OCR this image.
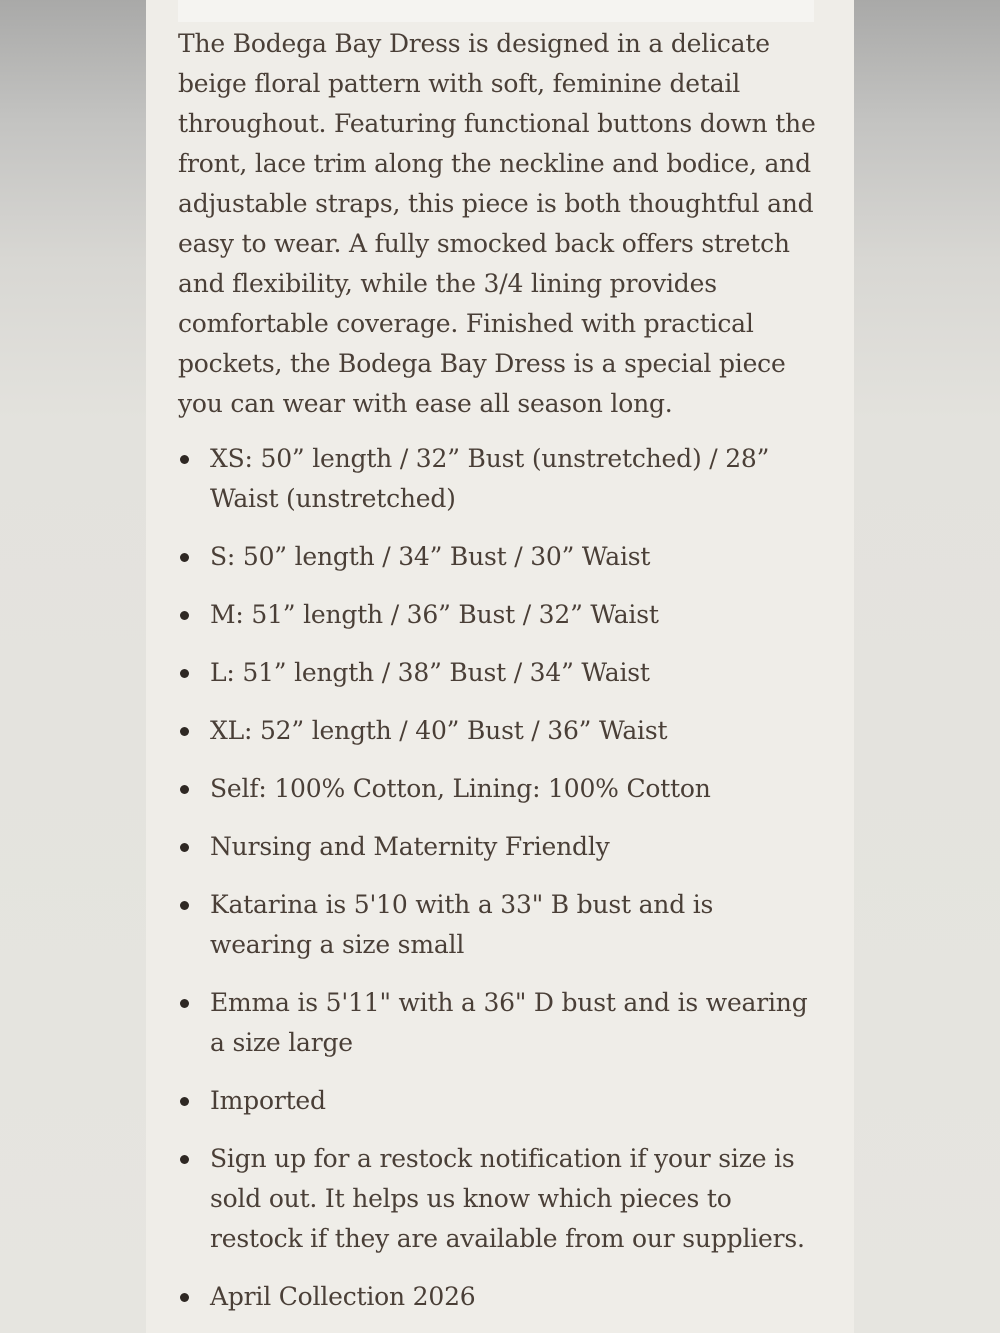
The Bodega Bay Dress is designed in a delicate beige floral pattern with soft, feminine detail throughout. Featuring functional buttons down the front, lace trim along the neckline and bodice, and adjustable straps, this piece is both thoughtful and easy to wear. A fully smocked back offers stretch and flexibility, while the 3/4 lining provides comfortable coverage. Finished with practical pockets, the Bodega Bay Dress is a special piece you can wear with ease all season long.

XS: 50” length / 32” Bust (unstretched) / 28” Waist (unstretched)
S: 50” length / 34” Bust / 30” Waist
M: 51” length / 36” Bust / 32” Waist
L: 51” length / 38” Bust / 34” Waist
XL: 52” length / 40” Bust / 36” Waist
Self: 100% Cotton, Lining: 100% Cotton
Nursing and Maternity Friendly
Katarina is 5'10 with a 33" B bust and is wearing a size small
Emma is 5'11" with a 36" D bust and is wearing a size large
Imported
Sign up for a restock notification if your size is sold out. It helps us know which pieces to restock if they are available from our suppliers.
April Collection 2026
